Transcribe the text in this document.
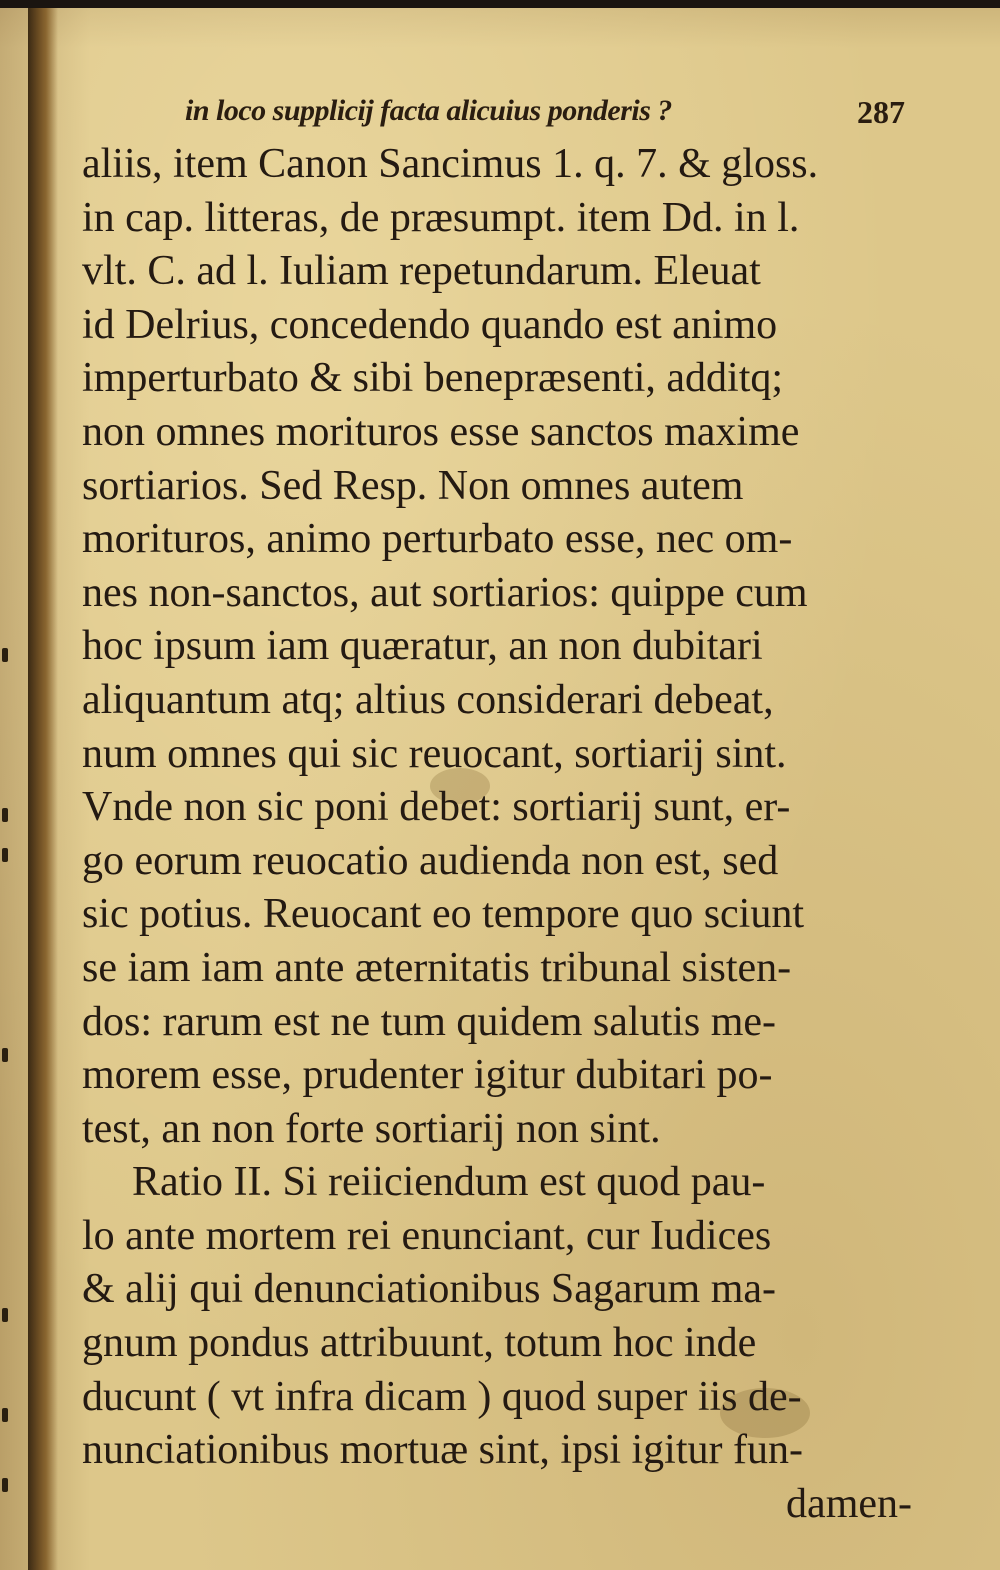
in loco supplicij facta alicuius ponderis ?	287
aliis, item Canon Sancimus 1. q. 7. & gloss.
in cap. litteras, de præsumpt. item Dd. in l.
vlt. C. ad l. Iuliam repetundarum. Eleuat
id Delrius, concedendo quando est animo
imperturbato & sibi benepræsenti, additq;
non omnes morituros esse sanctos maxime
sortiarios. Sed Resp. Non omnes autem
morituros, animo perturbato esse, nec om-
nes non-sanctos, aut sortiarios: quippe cum
hoc ipsum iam quæratur, an non dubitari
aliquantum atq; altius considerari debeat,
num omnes qui sic reuocant, sortiarij sint.
Vnde non sic poni debet: sortiarij sunt, er-
go eorum reuocatio audienda non est, sed
sic potius. Reuocant eo tempore quo sciunt
se iam iam ante æternitatis tribunal sisten-
dos: rarum est ne tum quidem salutis me-
morem esse, prudenter igitur dubitari po-
test, an non forte sortiarij non sint.
Ratio II. Si reiiciendum est quod pau-
lo ante mortem rei enunciant, cur Iudices
& alij qui denunciationibus Sagarum ma-
gnum pondus attribuunt, totum hoc inde
ducunt ( vt infra dicam ) quod super iis de-
nunciationibus mortuæ sint, ipsi igitur fun-
damen-
